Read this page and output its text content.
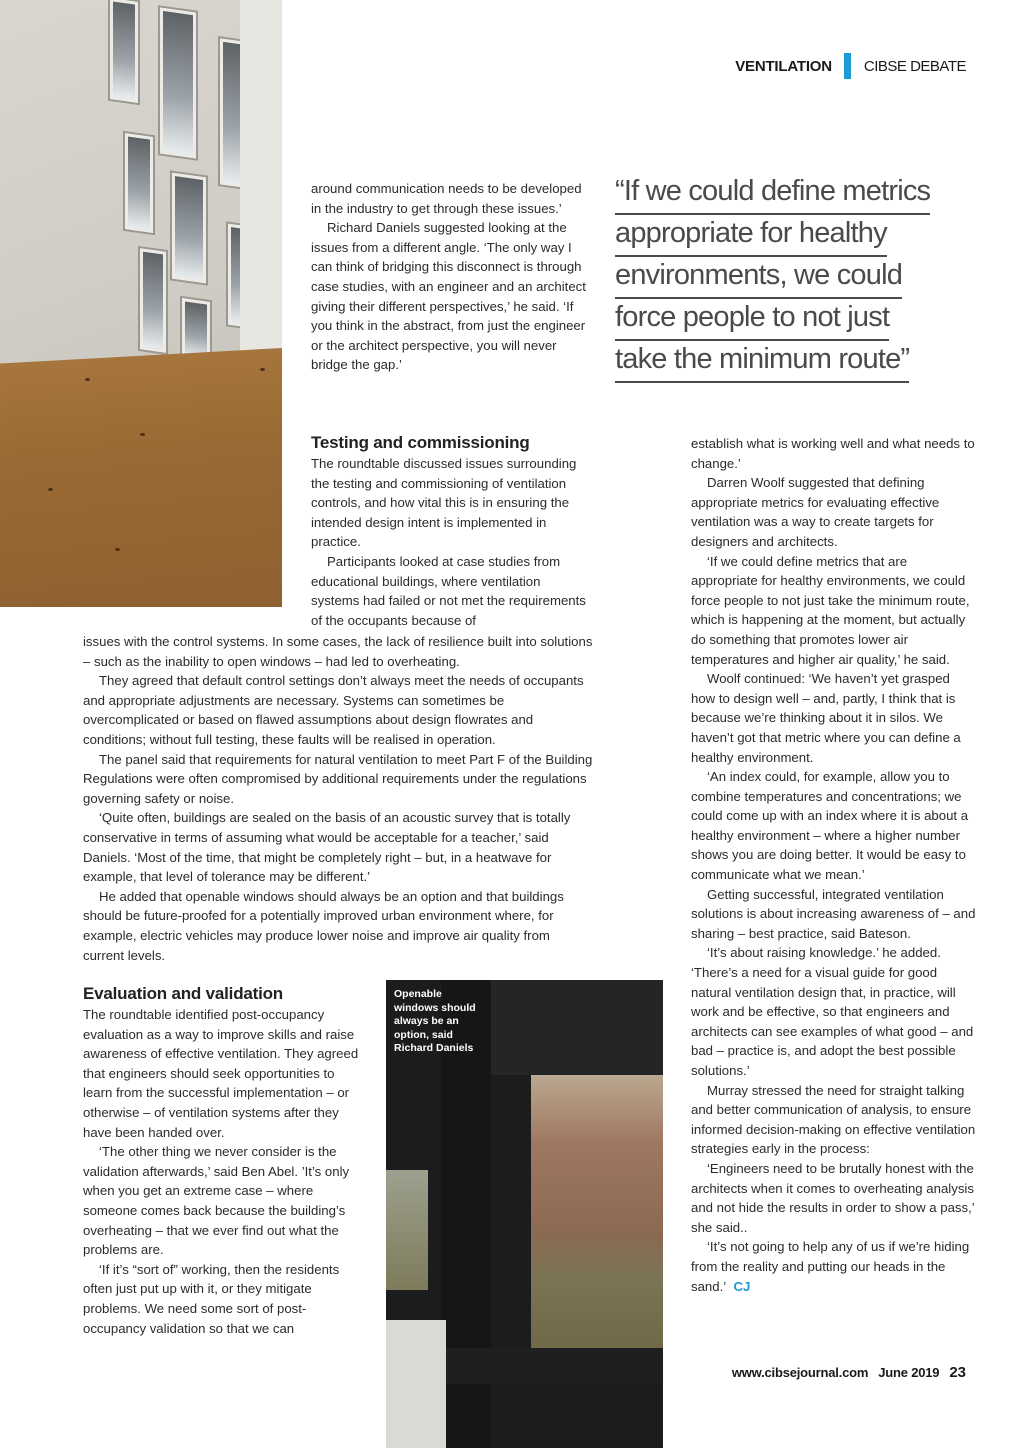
VENTILATION CIBSE DEBATE

around communication needs to be developed in the industry to get through these issues.’

Richard Daniels suggested looking at the issues from a different angle. ‘The only way I can think of bridging this disconnect is through case studies, with an engineer and an architect giving their different perspectives,’ he said. ‘If you think in the abstract, from just the engineer or the architect perspective, you will never bridge the gap.’

“If we could define metrics
appropriate for healthy
environments, we could
force people to not just
take the minimum route”
Testing and commissioning

The roundtable discussed issues surrounding the testing and commissioning of ventilation controls, and how vital this is in ensuring the intended design intent is implemented in practice.

Participants looked at case studies from educational buildings, where ventilation systems had failed or not met the requirements of the occupants because of

issues with the control systems. In some cases, the lack of resilience built into solutions – such as the inability to open windows – had led to overheating.

They agreed that default control settings don’t always meet the needs of occupants and appropriate adjustments are necessary. Systems can sometimes be overcomplicated or based on flawed assumptions about design flowrates and conditions; without full testing, these faults will be realised in operation.

The panel said that requirements for natural ventilation to meet Part F of the Building Regulations were often compromised by additional requirements under the regulations governing safety or noise.

‘Quite often, buildings are sealed on the basis of an acoustic survey that is totally conservative in terms of assuming what would be acceptable for a teacher,’ said Daniels. ‘Most of the time, that might be completely right – but, in a heatwave for example, that level of tolerance may be different.’

He added that openable windows should always be an option and that buildings should be future-proofed for a potentially improved urban environment where, for example, electric vehicles may produce lower noise and improve air quality from current levels.

Evaluation and validation

The roundtable identified post-occupancy evaluation as a way to improve skills and raise awareness of effective ventilation. They agreed that engineers should seek opportunities to learn from the successful implementation – or otherwise – of ventilation systems after they have been handed over.

‘The other thing we never consider is the validation afterwards,’ said Ben Abel. ’It’s only when you get an extreme case – where someone comes back because the building’s overheating – that we ever find out what the problems are.

‘If it’s “sort of” working, then the residents often just put up with it, or they mitigate problems. We need some sort of post-occupancy validation so that we can

Openable windows should always be an option, said Richard Daniels

establish what is working well and what needs to change.’

Darren Woolf suggested that defining appropriate metrics for evaluating effective ventilation was a way to create targets for designers and architects.

‘If we could define metrics that are appropriate for healthy environments, we could force people to not just take the minimum route, which is happening at the moment, but actually do something that promotes lower air temperatures and higher air quality,’ he said.

Woolf continued: ‘We haven’t yet grasped how to design well – and, partly, I think that is because we’re thinking about it in silos. We haven’t got that metric where you can define a healthy environment.

‘An index could, for example, allow you to combine temperatures and concentrations; we could come up with an index where it is about a healthy environment – where a higher number shows you are doing better. It would be easy to communicate what we mean.’

Getting successful, integrated ventilation solutions is about increasing awareness of – and sharing – best practice, said Bateson.

‘It’s about raising knowledge.’ he added. ‘There’s a need for a visual guide for good natural ventilation design that, in practice, will work and be effective, so that engineers and architects can see examples of what good – and bad – practice is, and adopt the best possible solutions.’

Murray stressed the need for straight talking and better communication of analysis, to ensure informed decision-making on effective ventilation strategies early in the process:

‘Engineers need to be brutally honest with the architects when it comes to overheating analysis and not hide the results in order to show a pass,’ she said..

‘It’s not going to help any of us if we’re hiding from the reality and putting our heads in the sand.’ CJ

www.cibsejournal.com June 2019 23
